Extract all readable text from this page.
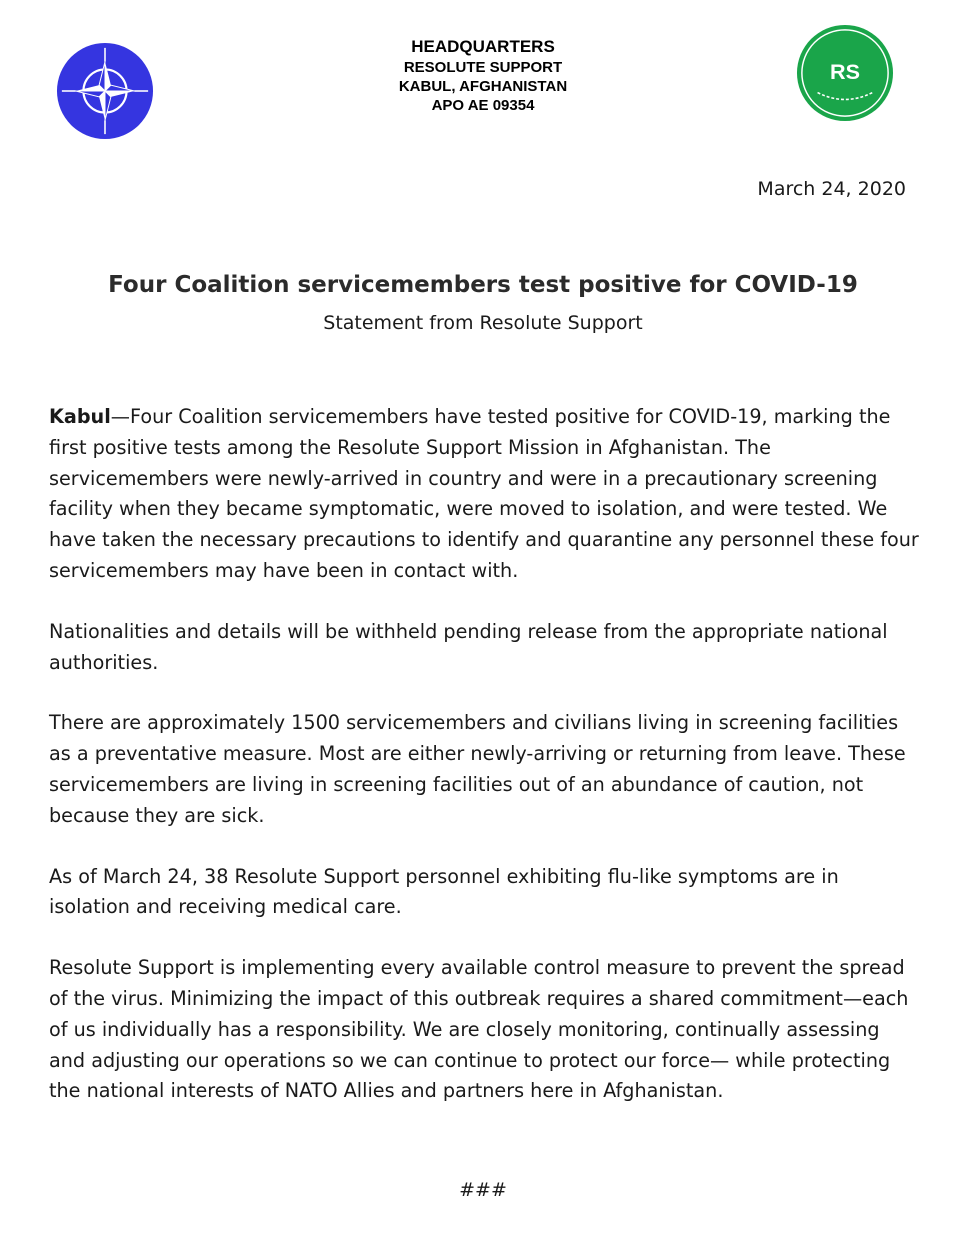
HEADQUARTERS
RESOLUTE SUPPORT
KABUL, AFGHANISTAN
APO AE 09354
RS
March 24, 2020
Four Coalition servicemembers test positive for COVID-19
Statement from Resolute Support

Kabul—Four Coalition servicemembers have tested positive for COVID-19, marking the first positive tests among the Resolute Support Mission in Afghanistan. The servicemembers were newly-arrived in country and were in a precautionary screening facility when they became symptomatic, were moved to isolation, and were tested. We have taken the necessary precautions to identify and quarantine any personnel these four servicemembers may have been in contact with.

Nationalities and details will be withheld pending release from the appropriate national authorities.

There are approximately 1500 servicemembers and civilians living in screening facilities as a preventative measure. Most are either newly-arriving or returning from leave. These servicemembers are living in screening facilities out of an abundance of caution, not because they are sick.

As of March 24, 38 Resolute Support personnel exhibiting flu-like symptoms are in isolation and receiving medical care.

Resolute Support is implementing every available control measure to prevent the spread of the virus. Minimizing the impact of this outbreak requires a shared commitment—each of us individually has a responsibility. We are closely monitoring, continually assessing and adjusting our operations so we can continue to protect our force— while protecting the national interests of NATO Allies and partners here in Afghanistan.

###
